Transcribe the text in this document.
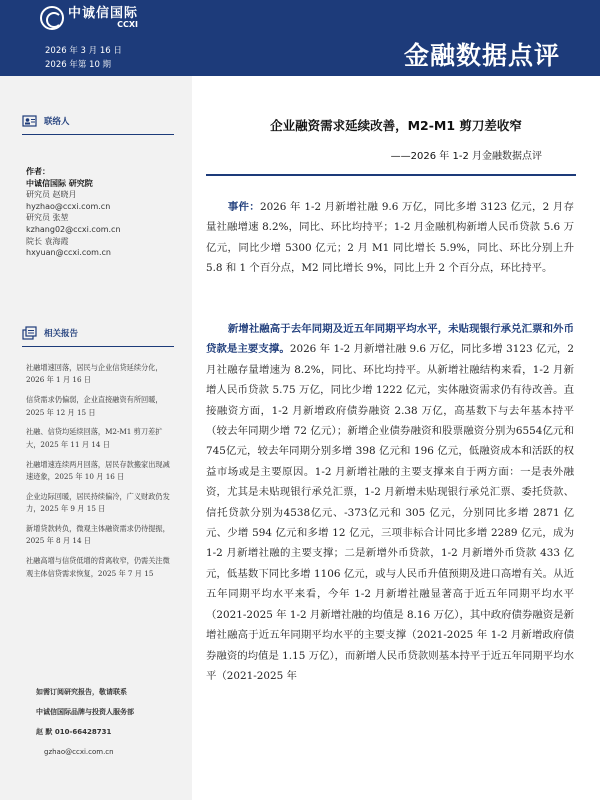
中诚信国际
CCXI
2026 年 3 月 16 日
2026 年第 10 期	金融数据点评
联络人
作者：
中诚信国际 研究院
研究员 赵晓月
hyzhao@ccxi.com.cn
研究员 张堃
kzhang02@ccxi.com.cn
院长 袁海霞
hxyuan@ccxi.com.cn
相关报告
社融增速回落，居民与企业信贷延续分化，2026 年 1 月 16 日
信贷需求仍偏弱，企业直接融资有所回暖，2025 年 12 月 15 日
社融、信贷均延续回落，M2-M1 剪刀差扩大，2025 年 11 月 14 日
社融增速连续两月回落，居民存款搬家出现减速迹象，2025 年 10 月 16 日
企业边际回暖，居民持续偏冷，广义财政仍发力，2025 年 9 月 15 日
新增贷款转负，微观主体融资需求仍待提振，2025 年 8 月 14 日
社融高增与信贷低增的背离收窄，仍需关注微观主体信贷需求恢复，2025 年 7 月 15
如需订阅研究报告，敬请联系
中诚信国际品牌与投资人服务部
赵 默 010-66428731
gzhao@ccxi.com.cn
企业融资需求延续改善，M2-M1 剪刀差收窄
——2026 年 1-2 月金融数据点评
事件：2026 年 1-2 月新增社融 9.6 万亿，同比多增 3123 亿元，2 月存量社融增速 8.2%，同比、环比均持平；1-2 月金融机构新增人民币贷款 5.6 万亿元，同比少增 5300 亿元；2 月 M1 同比增长 5.9%，同比、环比分别上升 5.8 和 1 个百分点，M2 同比增长 9%，同比上升 2 个百分点，环比持平。
新增社融高于去年同期及近五年同期平均水平，未贴现银行承兑汇票和外币贷款是主要支撑。2026 年 1-2 月新增社融 9.6 万亿，同比多增 3123 亿元，2 月社融存量增速为 8.2%，同比、环比均持平。从新增社融结构来看，1-2 月新增人民币贷款 5.75 万亿，同比少增 1222 亿元，实体融资需求仍有待改善。直接融资方面，1-2 月新增政府债券融资 2.38 万亿，高基数下与去年基本持平（较去年同期少增 72 亿元）；新增企业债券融资和股票融资分别为6554亿元和745亿元，较去年同期分别多增 398 亿元和 196 亿元，低融资成本和活跃的权益市场或是主要原因。1-2 月新增社融的主要支撑来自于两方面：一是表外融资，尤其是未贴现银行承兑汇票，1-2 月新增未贴现银行承兑汇票、委托贷款、信托贷款分别为4538亿元、-373亿元和 305 亿元，分别同比多增 2871 亿元、少增 594 亿元和多增 12 亿元，三项非标合计同比多增 2289 亿元，成为 1-2 月新增社融的主要支撑；二是新增外币贷款，1-2 月新增外币贷款 433 亿元，低基数下同比多增 1106 亿元，或与人民币升值预期及进口高增有关。从近五年同期平均水平来看，今年 1-2 月新增社融显著高于近五年同期平均水平（2021-2025 年 1-2 月新增社融的均值是 8.16 万亿），其中政府债券融资是新增社融高于近五年同期平均水平的主要支撑（2021-2025 年 1-2 月新增政府债券融资的均值是 1.15 万亿），而新增人民币贷款则基本持平于近五年同期平均水平（2021-2025 年
